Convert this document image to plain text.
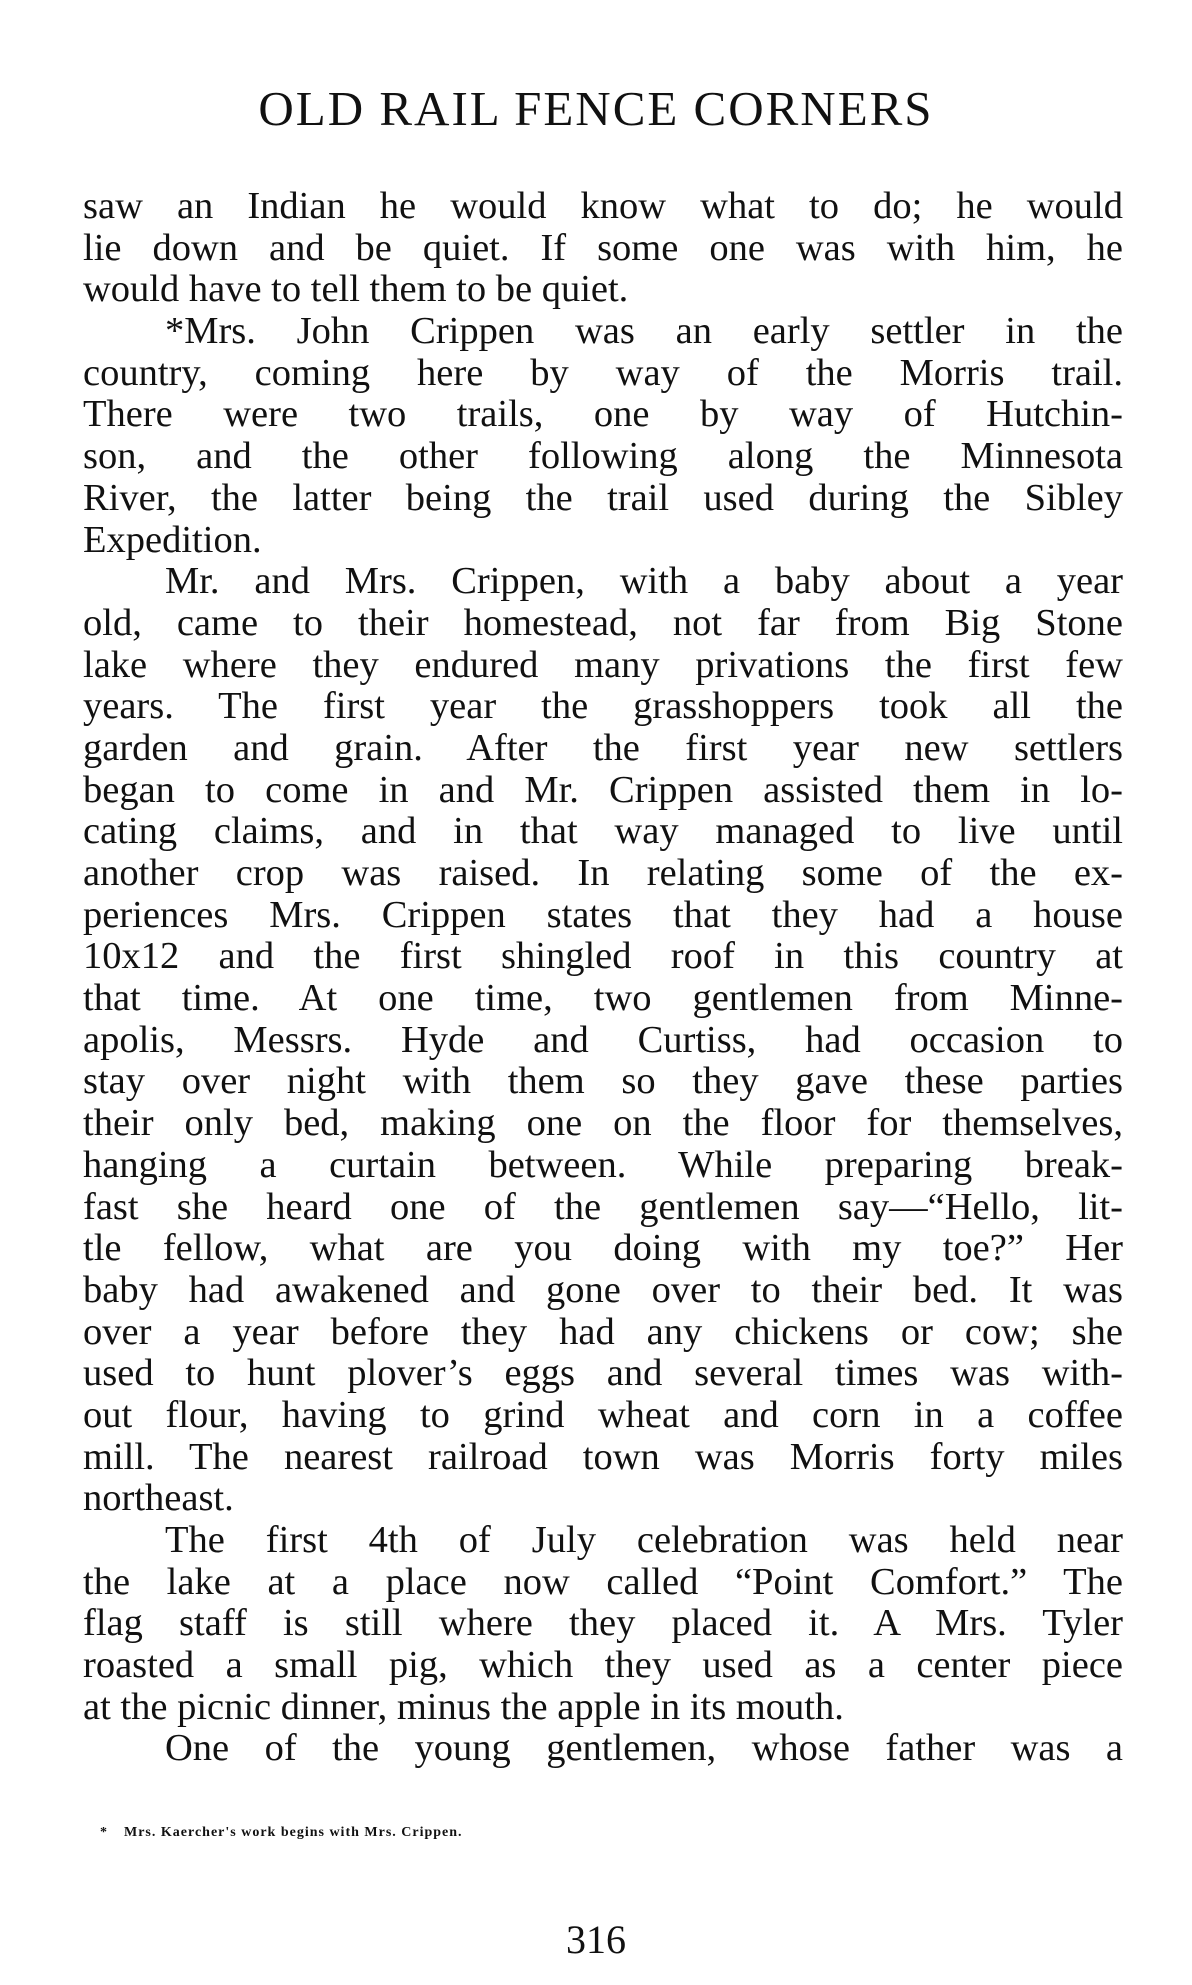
OLD RAIL FENCE CORNERS
saw an Indian he would know what to do; he would
lie down and be quiet. If some one was with him, he
would have to tell them to be quiet.
*Mrs. John Crippen was an early settler in the
country, coming here by way of the Morris trail.
There were two trails, one by way of Hutchin-
son, and the other following along the Minnesota
River, the latter being the trail used during the Sibley
Expedition.
Mr. and Mrs. Crippen, with a baby about a year
old, came to their homestead, not far from Big Stone
lake where they endured many privations the first few
years. The first year the grasshoppers took all the
garden and grain. After the first year new settlers
began to come in and Mr. Crippen assisted them in lo-
cating claims, and in that way managed to live until
another crop was raised. In relating some of the ex-
periences Mrs. Crippen states that they had a house
10x12 and the first shingled roof in this country at
that time. At one time, two gentlemen from Minne-
apolis, Messrs. Hyde and Curtiss, had occasion to
stay over night with them so they gave these parties
their only bed, making one on the floor for themselves,
hanging a curtain between. While preparing break-
fast she heard one of the gentlemen say—“Hello, lit-
tle fellow, what are you doing with my toe?” Her
baby had awakened and gone over to their bed. It was
over a year before they had any chickens or cow; she
used to hunt plover’s eggs and several times was with-
out flour, having to grind wheat and corn in a coffee
mill. The nearest railroad town was Morris forty miles
northeast.
The first 4th of July celebration was held near
the lake at a place now called “Point Comfort.” The
flag staff is still where they placed it. A Mrs. Tyler
roasted a small pig, which they used as a center piece
at the picnic dinner, minus the apple in its mouth.
One of the young gentlemen, whose father was a
* Mrs. Kaercher's work begins with Mrs. Crippen.
316
